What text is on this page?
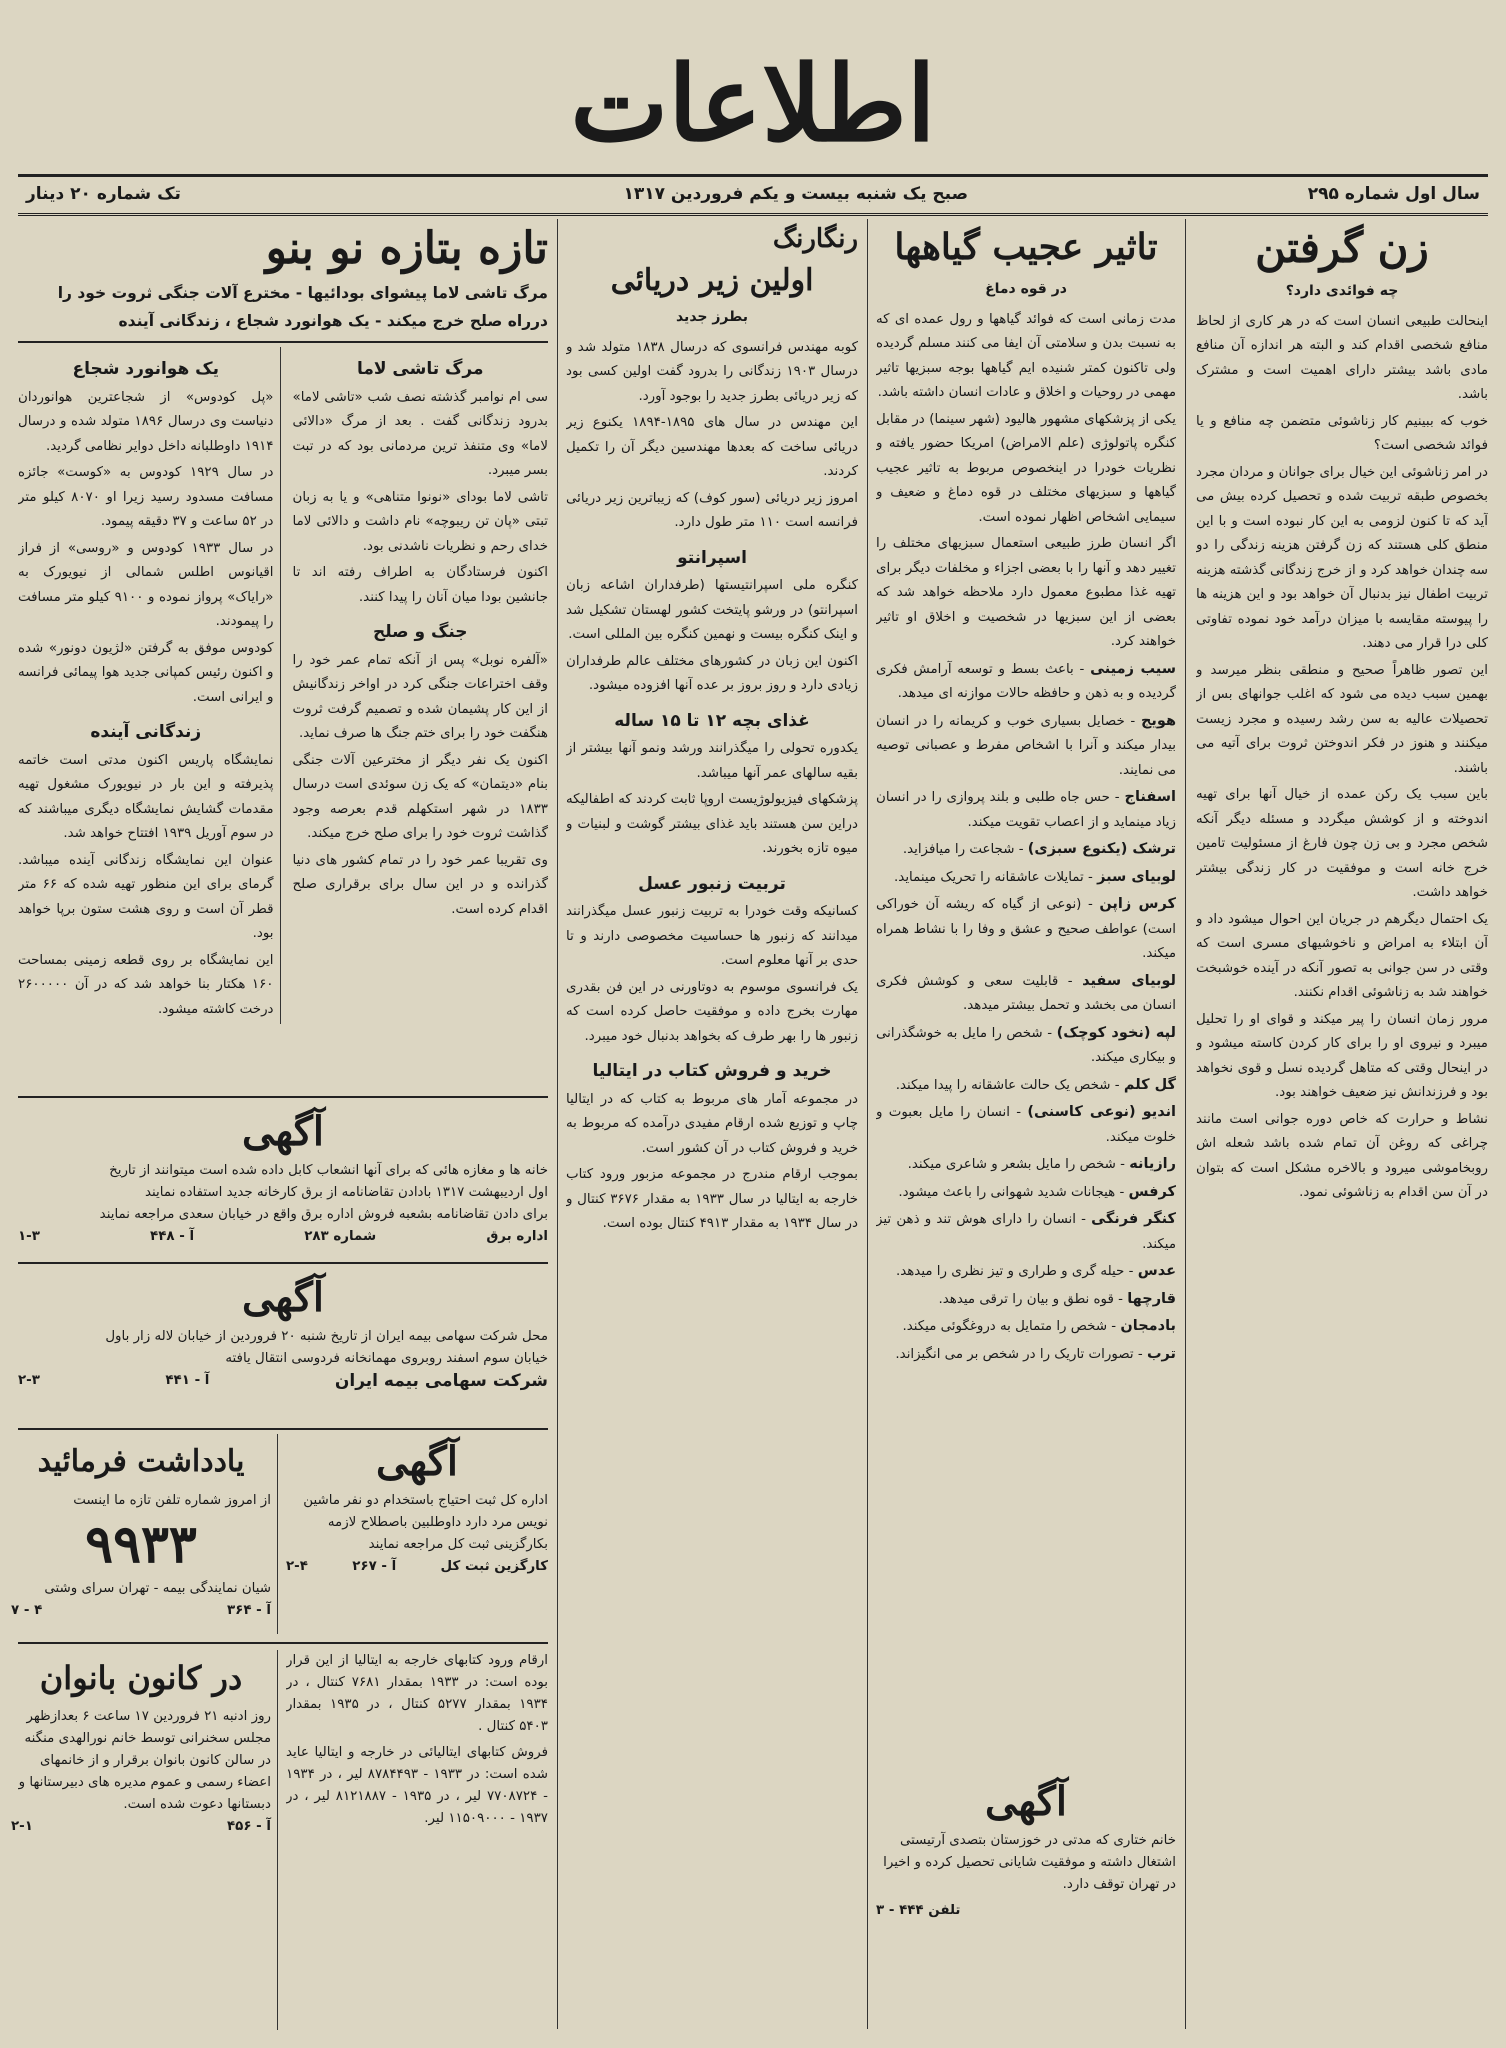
اطلاعات
سال اول شماره ۲۹۵
صبح یک شنبه بیست و یکم فروردین ۱۳۱۷
تک شماره ۲۰ دینار
زن گرفتن
چه فوائدی دارد؟

اینحالت طبیعی انسان است که در هر کاری از لحاظ منافع شخصی اقدام کند و البته هر اندازه آن منافع مادی باشد بیشتر دارای اهمیت است و مشترک باشد.

خوب که ببینیم کار زناشوئی متضمن چه منافع و یا فوائد شخصی است؟

در امر زناشوئی این خیال برای جوانان و مردان مجرد بخصوص طبقه تربیت شده و تحصیل کرده بیش می آید که تا کنون لزومی به این کار نبوده است و با این منطق کلی هستند که زن گرفتن هزینه زندگی را دو سه چندان خواهد کرد و از خرج زندگانی گذشته هزینه تربیت اطفال نیز بدنبال آن خواهد بود و این هزینه ها را پیوسته مقایسه با میزان درآمد خود نموده تفاوتی کلی درا قرار می دهند.

این تصور ظاهراً صحیح و منطقی بنظر میرسد و بهمین سبب دیده می شود که اغلب جوانهای بس از تحصیلات عالیه به سن رشد رسیده و مجرد زیست میکنند و هنوز در فکر اندوختن ثروت برای آتیه می باشند.

باین سبب یک رکن عمده از خیال آنها برای تهیه اندوخته و از کوشش میگردد و مسئله دیگر آنکه شخص مجرد و بی زن چون فارغ از مسئولیت تامین خرج خانه است و موفقیت در کار زندگی بیشتر خواهد داشت.

یک احتمال دیگرهم در جریان این احوال میشود داد و آن ابتلاء به امراض و ناخوشیهای مسری است که وقتی در سن جوانی به تصور آنکه در آینده خوشبخت خواهند شد به زناشوئی اقدام نکنند.

مرور زمان انسان را پیر میکند و قوای او را تحلیل میبرد و نیروی او را برای کار کردن کاسته میشود و در اینحال وقتی که متاهل گردیده نسل و قوی نخواهد بود و فرزندانش نیز ضعیف خواهند بود.

نشاط و حرارت که خاص دوره جوانی است مانند چراغی که روغن آن تمام شده باشد شعله اش روبخاموشی میرود و بالاخره مشکل است که بتوان در آن سن اقدام به زناشوئی نمود.

تاثیر عجیب گیاهها
در قوه دماغ

مدت زمانی است که فوائد گیاهها و رول عمده ای که به نسبت بدن و سلامتی آن ایفا می کنند مسلم گردیده ولی تاکنون کمتر شنیده ایم گیاهها بوجه سبزیها تاثیر مهمی در روحیات و اخلاق و عادات انسان داشته باشد.

یکی از پزشکهای مشهور هالیود (شهر سینما) در مقابل کنگره پاتولوژی (علم الامراض) امریکا حضور یافته و نظریات خودرا در اینخصوص مربوط به تاثیر عجیب گیاهها و سبزیهای مختلف در قوه دماغ و ضعیف و سیمایی اشخاص اظهار نموده است.

اگر انسان طرز طبیعی استعمال سبزیهای مختلف را تغییر دهد و آنها را با بعضی اجزاء و مخلفات دیگر برای تهیه غذا مطبوع معمول دارد ملاحظه خواهد شد که بعضی از این سبزیها در شخصیت و اخلاق او تاثیر خواهند کرد.

سیب زمینی - باعث بسط و توسعه آرامش فکری گردیده و به ذهن و حافظه حالات موازنه ای میدهد.

هویج - خصایل بسیاری خوب و کریمانه را در انسان بیدار میکند و آنرا با اشخاص مفرط و عصبانی توصیه می نمایند.

اسفناج - حس جاه طلبی و بلند پروازی را در انسان زیاد مینماید و از اعصاب تقویت میکند.

ترشک (یکنوع سبزی) - شجاعت را میافزاید.

لوبیای سبز - تمایلات عاشقانه را تحریک مینماید.

کرس زاپن - (نوعی از گیاه که ریشه آن خوراکی است) عواطف صحیح و عشق و وفا را با نشاط همراه میکند.

لوبیای سفید - قابلیت سعی و کوشش فکری انسان می بخشد و تحمل بیشتر میدهد.

لپه (نخود کوچک) - شخص را مایل به خوشگذرانی و بیکاری میکند.

گل کلم - شخص یک حالت عاشقانه را پیدا میکند.

اندیو (نوعی کاسنی) - انسان را مایل بعبوت و خلوت میکند.

رازیانه - شخص را مایل بشعر و شاعری میکند.

کرفس - هیجانات شدید شهوانی را باعث میشود.

کنگر فرنگی - انسان را دارای هوش تند و ذهن تیز میکند.

عدس - حیله گری و طراری و تیز نظری را میدهد.

قارچها - قوه نطق و بیان را ترقی میدهد.

بادمجان - شخص را متمایل به دروغگوئی میکند.

ترب - تصورات تاریک را در شخص بر می انگیزاند.

آگهی
خانم ختاری که مدتی در خوزستان بتصدی آرتیستی اشتغال داشته و موفقیت شایانی تحصیل کرده و اخیرا در تهران توقف دارد.
تلفن ۴۴۴ - ۳
رنگارنگ
اولین زیر دریائی
بطرز جدید

کوبه مهندس فرانسوی که درسال ۱۸۳۸ متولد شد و درسال ۱۹۰۳ زندگانی را بدرود گفت اولین کسی بود که زیر دریائی بطرز جدید را بوجود آورد.

این مهندس در سال های ۱۸۹۵-۱۸۹۴ یکنوع زیر دریائی ساخت که بعدها مهندسین دیگر آن را تکمیل کردند.

امروز زیر دریائی (سور کوف) که زیباترین زیر دریائی فرانسه است ۱۱۰ متر طول دارد.

اسپرانتو

کنگره ملی اسپرانتیستها (طرفداران اشاعه زبان اسپرانتو) در ورشو پایتخت کشور لهستان تشکیل شد و اینک کنگره بیست و نهمین کنگره بین المللی است.

اکنون این زبان در کشورهای مختلف عالم طرفداران زیادی دارد و روز بروز بر عده آنها افزوده میشود.

غذای بچه ۱۲ تا ۱۵ ساله

یکدوره تحولی را میگذرانند ورشد ونمو آنها بیشتر از بقیه سالهای عمر آنها میباشد.

پزشکهای فیزیولوژیست اروپا ثابت کردند که اطفالیکه دراین سن هستند باید غذای بیشتر گوشت و لبنیات و میوه تازه بخورند.

تربیت زنبور عسل

کسانیکه وقت خودرا به تربیت زنبور عسل میگذرانند میدانند که زنبور ها حساسیت مخصوصی دارند و تا حدی بر آنها معلوم است.

یک فرانسوی موسوم به دوتاورنی در این فن بقدری مهارت بخرج داده و موفقیت حاصل کرده است که زنبور ها را بهر طرف که بخواهد بدنبال خود میبرد.

خرید و فروش کتاب در ایتالیا

در مجموعه آمار های مربوط به کتاب که در ایتالیا چاپ و توزیع شده ارقام مفیدی درآمده که مربوط به خرید و فروش کتاب در آن کشور است.

بموجب ارقام مندرج در مجموعه مزبور ورود کتاب خارجه به ایتالیا در سال ۱۹۳۳ به مقدار ۳۶۷۶ کنتال و در سال ۱۹۳۴ به مقدار ۴۹۱۳ کنتال بوده است.

تازه بتازه نو بنو
مرگ تاشی لاما پیشوای بودائیها - مخترع آلات جنگی ثروت خود را
درراه صلح خرج میکند - یک هوانورد شجاع ، زندگانی آینده
مرگ تاشی لاما

سی ام نوامبر گذشته نصف شب «تاشی لاما» بدرود زندگانی گفت . بعد از مرگ «دالائی لاما» وی متنفذ ترین مردمانی بود که در تبت بسر میبرد.

تاشی لاما بودای «نونوا متناهی» و یا به زبان تبتی «پان تن ریبوچه» نام داشت و دالائی لاما خدای رحم و نظریات ناشدنی بود.

اکنون فرستادگان به اطراف رفته اند تا جانشین بودا میان آنان را پیدا کنند.

جنگ و صلح

«آلفره نوبل» پس از آنکه تمام عمر خود را وقف اختراعات جنگی کرد در اواخر زندگانیش از این کار پشیمان شده و تصمیم گرفت ثروت هنگفت خود را برای ختم جنگ ها صرف نماید.

اکنون یک نفر دیگر از مخترعین آلات جنگی بنام «دیتمان» که یک زن سوئدی است درسال ۱۸۳۳ در شهر استکهلم قدم بعرصه وجود گذاشت ثروت خود را برای صلح خرج میکند.

وی تقریبا عمر خود را در تمام کشور های دنیا گذرانده و در این سال برای برقراری صلح اقدام کرده است.

یک هوانورد شجاع

«پل کودوس» از شجاعترین هوانوردان دنیاست وی درسال ۱۸۹۶ متولد شده و درسال ۱۹۱۴ داوطلبانه داخل دوایر نظامی گردید.

در سال ۱۹۲۹ کودوس به «کوست» جائزه مسافت مسدود رسید زیرا او ۸۰۷۰ کیلو متر در ۵۲ ساعت و ۳۷ دقیقه پیمود.

در سال ۱۹۳۳ کودوس و «روسی» از فراز اقیانوس اطلس شمالی از نیویورک به «رایاک» پرواز نموده و ۹۱۰۰ کیلو متر مسافت را پیمودند.

کودوس موفق به گرفتن «لژیون دونور» شده و اکنون رئیس کمپانی جدید هوا پیمائی فرانسه و ایرانی است.

زندگانی آینده

نمایشگاه پاریس اکنون مدتی است خاتمه پذیرفته و این بار در نیویورک مشغول تهیه مقدمات گشایش نمایشگاه دیگری میباشند که در سوم آوریل ۱۹۳۹ افتتاح خواهد شد.

عنوان این نمایشگاه زندگانی آینده میباشد. گرمای برای این منظور تهیه شده که ۶۶ متر قطر آن است و روی هشت ستون برپا خواهد بود.

این نمایشگاه بر روی قطعه زمینی بمساحت ۱۶۰ هکتار بنا خواهد شد که در آن ۲۶۰۰۰۰۰ درخت کاشته میشود.

آگهی
خانه ها و مغازه هائی که برای آنها انشعاب کابل داده شده است میتوانند از تاریخ
اول اردیبهشت ۱۳۱۷ بادادن تقاضانامه از برق کارخانه جدید استفاده نمایند
برای دادن تقاضانامه بشعبه فروش اداره برق واقع در خیابان سعدی مراجعه نمایند
اداره برق
شماره ۲۸۳
آ - ۴۴۸
۱-۳
آگهی
محل شرکت سهامی بیمه ایران از تاریخ شنبه ۲۰ فروردین از خیابان لاله زار باول
خیابان سوم اسفند روبروی مهمانخانه فردوسی انتقال یافته
شرکت سهامی بیمه ایران
آ - ۴۴۱
۲-۳
آگهی
اداره کل ثبت احتیاج باستخدام دو نفر ماشین نویس مرد دارد داوطلبین باصطلاح لازمه بکارگزینی ثبت کل مراجعه نمایند
کارگزین ثبت کل
آ - ۲۶۷
۲-۴
یادداشت فرمائید
از امروز شماره تلفن تازه ما اینست
۹۹۳۳
شیان نمایندگی بیمه - تهران سرای وشتی
آ - ۳۶۴
۴ - ۷

ارقام ورود کتابهای خارجه به ایتالیا از این قرار بوده است: در ۱۹۳۳ بمقدار ۷۶۸۱ کنتال ، در ۱۹۳۴ بمقدار ۵۲۷۷ کنتال ، در ۱۹۳۵ بمقدار ۵۴۰۳ کنتال .

فروش کتابهای ایتالیائی در خارجه و ایتالیا عاید شده است: در ۱۹۳۳ - ۸۷۸۴۴۹۳ لیر ، در ۱۹۳۴ - ۷۷۰۸۷۲۴ لیر ، در ۱۹۳۵ - ۸۱۲۱۸۸۷ لیر ، در ۱۹۳۷ - ۱۱۵۰۹۰۰۰ لیر.

در کانون بانوان
روز ادنبه ۲۱ فروردین ۱۷ ساعت ۶ بعدازظهر مجلس سخنرانی توسط خانم نورالهدی منگنه در سالن کانون بانوان برقرار و از خانمهای اعضاء رسمی و عموم مدیره های دبیرستانها و دبستانها دعوت شده است.
آ - ۴۵۶
۲-۱
